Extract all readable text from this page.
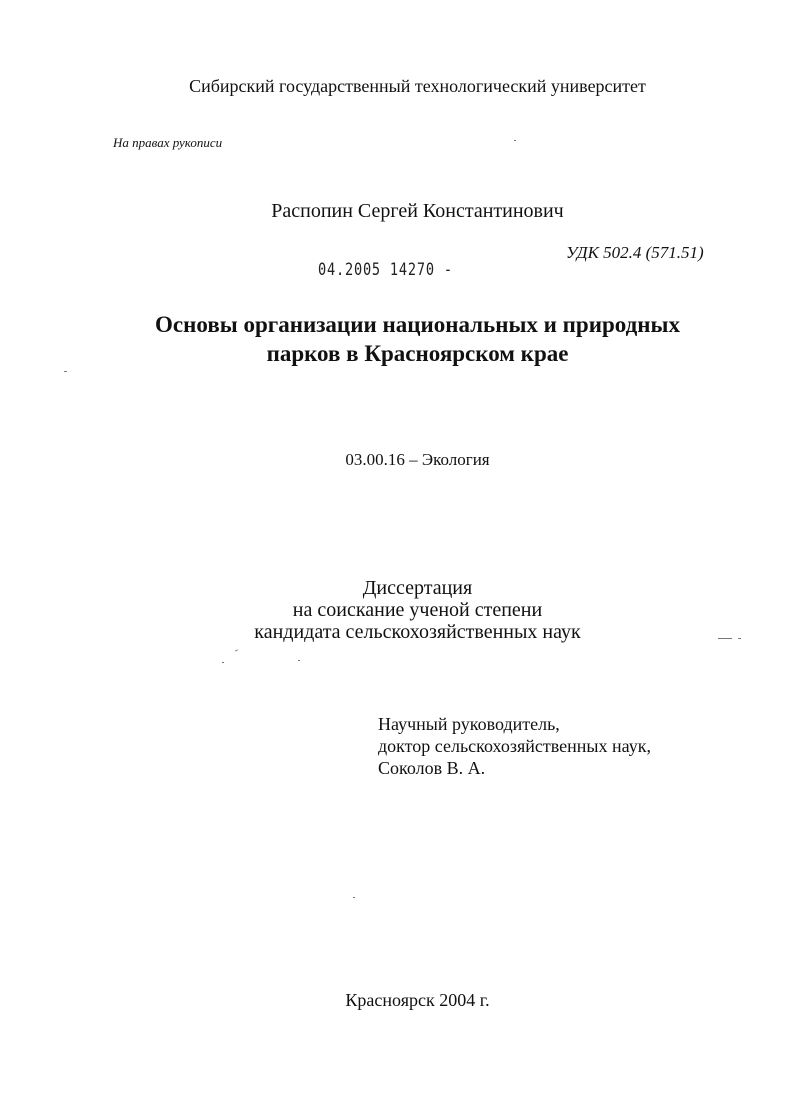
Сибирский государственный технологический университет
На правах рукописи
Распопин Сергей Константинович
УДК 502.4 (571.51)
04.2005 14270 -
Основы организации национальных и природных
парков в Красноярском крае
03.00.16 – Экология
Диссертация
на соискание ученой степени
кандидата сельскохозяйственных наук
Научный руководитель,
доктор сельскохозяйственных наук,
Соколов В. А.
Красноярск 2004 г.
